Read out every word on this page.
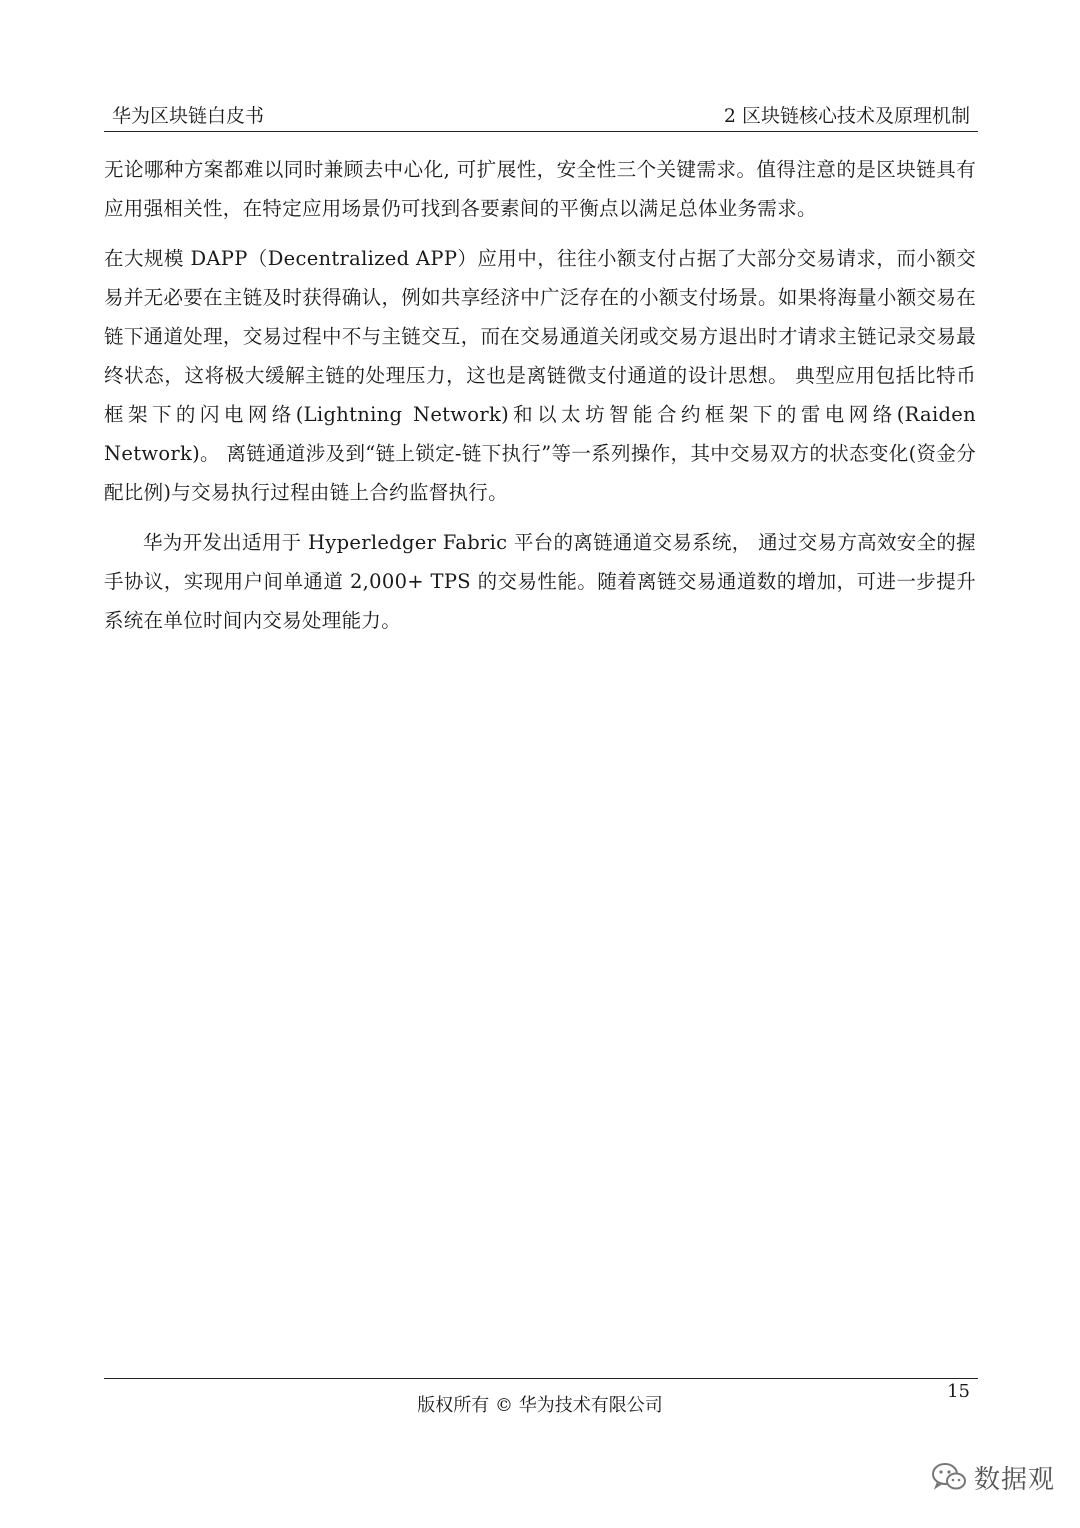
华为区块链白皮书	2 区块链核心技术及原理机制

无论哪种方案都难以同时兼顾去中心化, 可扩展性，安全性三个关键需求。值得注意的是区块链具有应用强相关性，在特定应用场景仍可找到各要素间的平衡点以满足总体业务需求。

在大规模 DAPP（Decentralized APP）应用中，往往小额支付占据了大部分交易请求，而小额交易并无必要在主链及时获得确认，例如共享经济中广泛存在的小额支付场景。如果将海量小额交易在链下通道处理，交易过程中不与主链交互，而在交易通道关闭或交易方退出时才请求主链记录交易最终状态，这将极大缓解主链的处理压力，这也是离链微支付通道的设计思想。 典型应用包括比特币框架下的闪电网络(Lightning Network)和以太坊智能合约框架下的雷电网络(Raiden Network)。 离链通道涉及到“链上锁定-链下执行”等一系列操作，其中交易双方的状态变化(资金分配比例)与交易执行过程由链上合约监督执行。

华为开发出适用于 Hyperledger Fabric 平台的离链通道交易系统， 通过交易方高效安全的握手协议，实现用户间单通道 2,000+ TPS 的交易性能。随着离链交易通道数的增加，可进一步提升系统在单位时间内交易处理能力。

15
版权所有 © 华为技术有限公司
数据观
